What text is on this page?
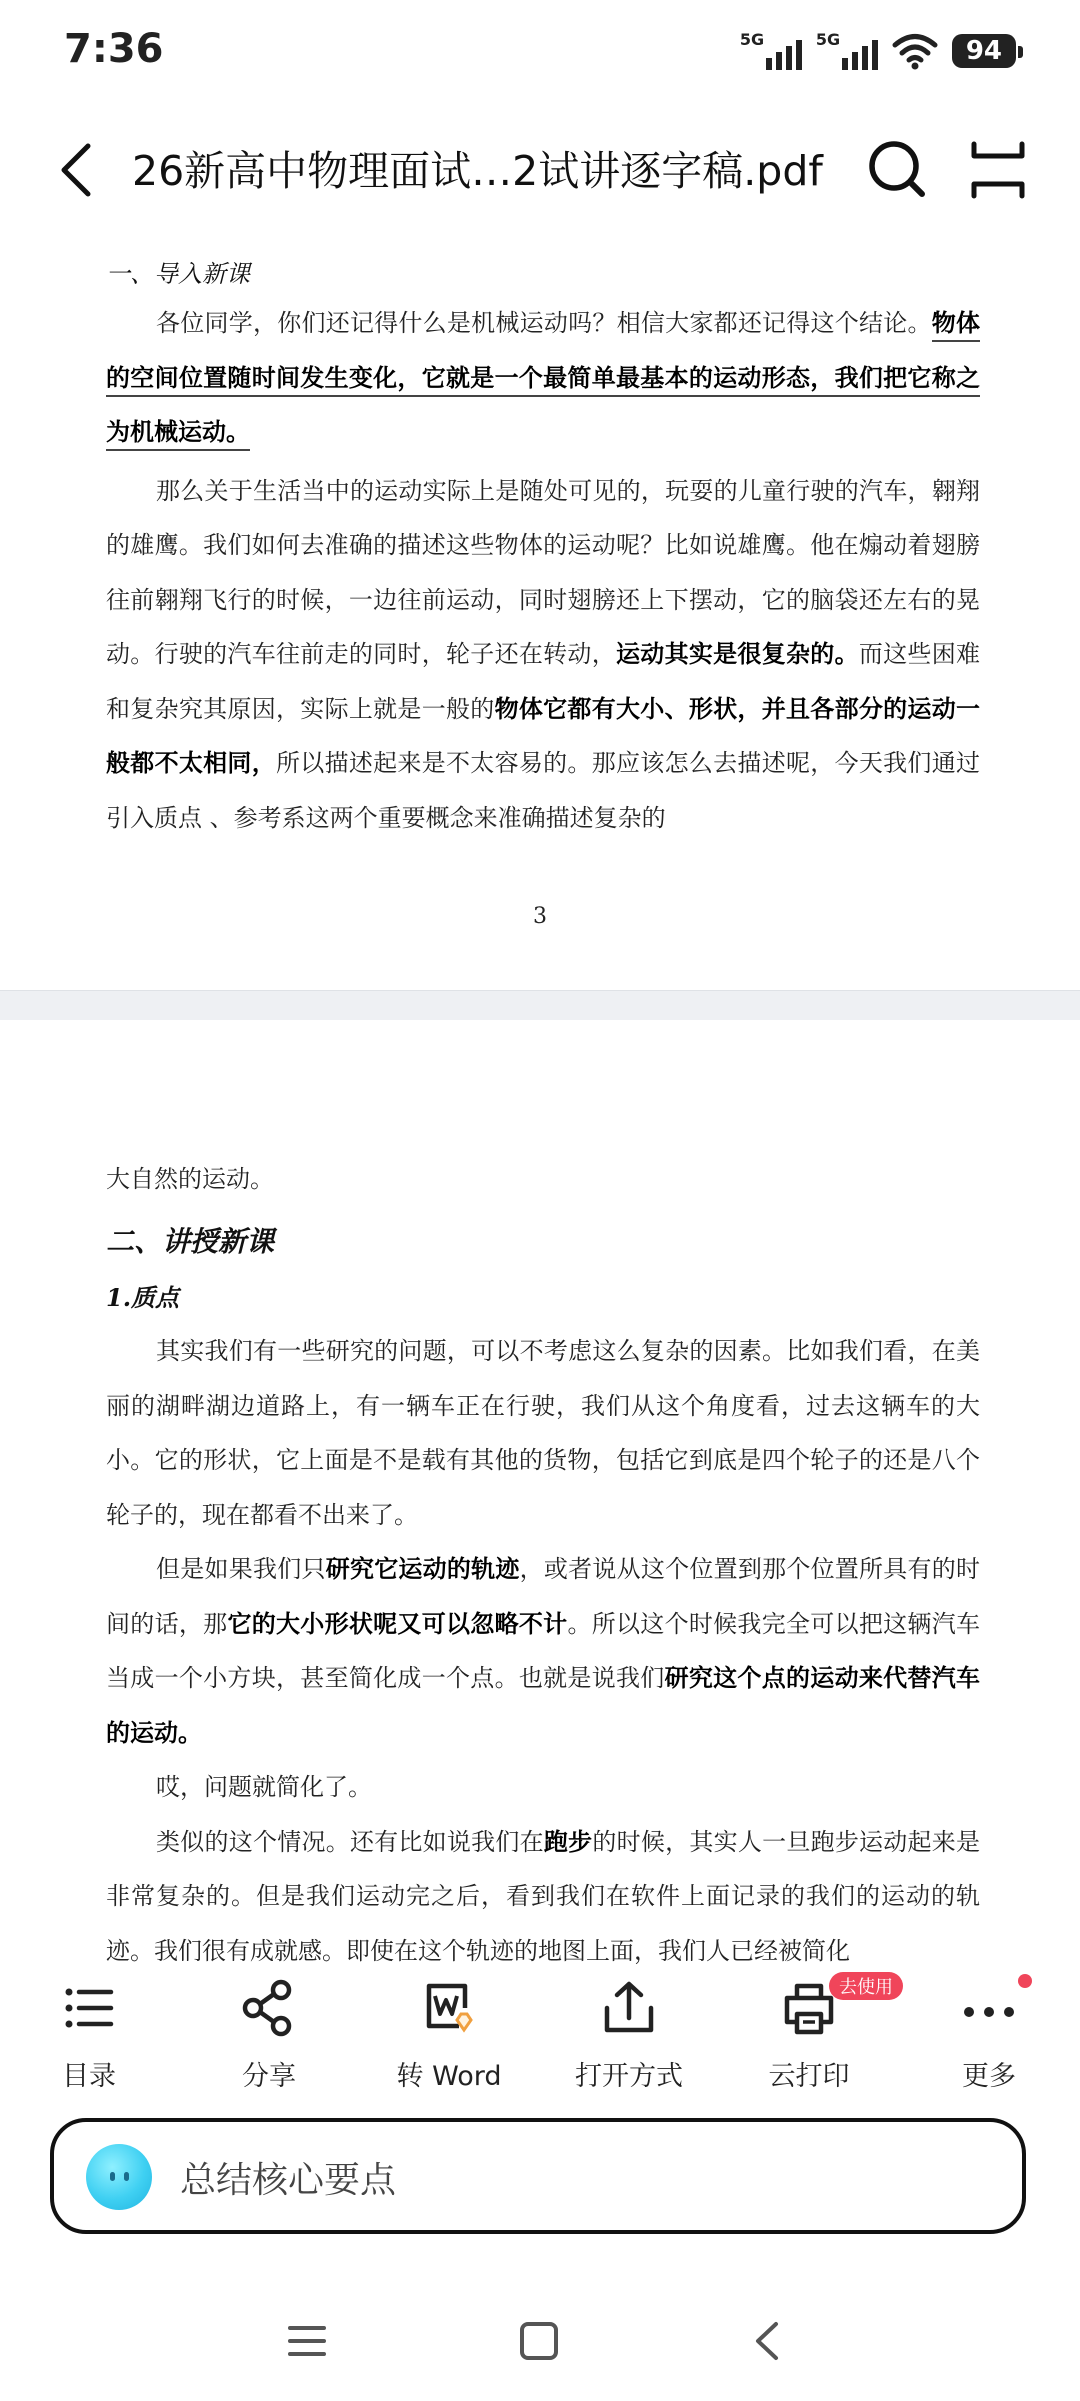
7:36	5G	5G	94
26新高中物理面试…2试讲逐字稿.pdf
一、导入新课

各位同学，你们还记得什么是机械运动吗？相信大家都还记得这个结论。物体的空间位置随时间发生变化，它就是一个最简单最基本的运动形态，我们把它称之为机械运动。

那么关于生活当中的运动实际上是随处可见的，玩耍的儿童行驶的汽车，翱翔的雄鹰。我们如何去准确的描述这些物体的运动呢？比如说雄鹰。他在煽动着翅膀往前翱翔飞行的时候，一边往前运动，同时翅膀还上下摆动，它的脑袋还左右的晃动。行驶的汽车往前走的同时，轮子还在转动，运动其实是很复杂的。而这些困难和复杂究其原因，实际上就是一般的物体它都有大小、形状，并且各部分的运动一般都不太相同，所以描述起来是不太容易的。那应该怎么去描述呢，今天我们通过引入质点 、参考系这两个重要概念来准确描述复杂的

3

大自然的运动。

二、讲授新课
1.质点

其实我们有一些研究的问题，可以不考虑这么复杂的因素。比如我们看，在美丽的湖畔湖边道路上，有一辆车正在行驶，我们从这个角度看，过去这辆车的大小。它的形状，它上面是不是载有其他的货物，包括它到底是四个轮子的还是八个轮子的，现在都看不出来了。

但是如果我们只研究它运动的轨迹，或者说从这个位置到那个位置所具有的时间的话，那它的大小形状呢又可以忽略不计。所以这个时候我完全可以把这辆汽车当成一个小方块，甚至简化成一个点。也就是说我们研究这个点的运动来代替汽车的运动。

哎，问题就简化了。

类似的这个情况。还有比如说我们在跑步的时候，其实人一旦跑步运动起来是非常复杂的。但是我们运动完之后，看到我们在软件上面记录的我们的运动的轨迹。我们很有成就感。即使在这个轨迹的地图上面，我们人已经被简化

目录	分享	转 Word	打开方式
去使用
云打印	更多
总结核心要点
